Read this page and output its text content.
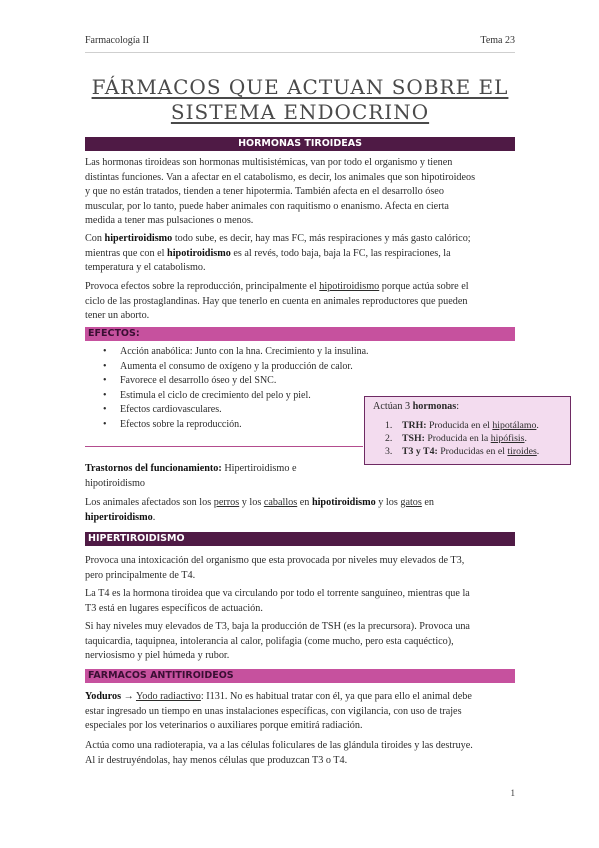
Farmacología II	Tema 23
FÁRMACOS QUE ACTUAN SOBRE EL
SISTEMA ENDOCRINO
HORMONAS TIROIDEAS
Las hormonas tiroideas son hormonas multisistémicas, van por todo el organismo y tienen
distintas funciones. Van a afectar en el catabolismo, es decir, los animales que son hipotiroideos
y que no están tratados, tienden a tener hipotermia. También afecta en el desarrollo óseo
muscular, por lo tanto, puede haber animales con raquitismo o enanismo. Afecta en cierta
medida a tener mas pulsaciones o menos.
Con hipertiroidismo todo sube, es decir, hay mas FC, más respiraciones y más gasto calórico;
mientras que con el hipotiroidismo es al revés, todo baja, baja la FC, las respiraciones, la
temperatura y el catabolismo.
Provoca efectos sobre la reproducción, principalmente el hipotiroidismo porque actúa sobre el
ciclo de las prostaglandinas. Hay que tenerlo en cuenta en animales reproductores que pueden
tener un aborto.
EFECTOS:
• Acción anabólica: Junto con la hna. Crecimiento y la insulina.
• Aumenta el consumo de oxígeno y la producción de calor.
• Favorece el desarrollo óseo y del SNC.
• Estimula el ciclo de crecimiento del pelo y piel.
• Efectos cardiovasculares.
• Efectos sobre la reproducción.
Actúan 3 hormonas:
1. TRH: Producida en el hipotálamo.
2. TSH: Producida en la hipófisis.
3. T3 y T4: Producidas en el tiroides.
Trastornos del funcionamiento: Hipertiroidismo e
hipotiroidismo
Los animales afectados son los perros y los caballos en hipotiroidismo y los gatos en
hipertiroidismo.
HIPERTIROIDISMO
Provoca una intoxicación del organismo que esta provocada por niveles muy elevados de T3,
pero principalmente de T4.
La T4 es la hormona tiroidea que va circulando por todo el torrente sanguíneo, mientras que la
T3 está en lugares específicos de actuación.
Si hay niveles muy elevados de T3, baja la producción de TSH (es la precursora). Provoca una
taquicardia, taquipnea, intolerancia al calor, polifagia (come mucho, pero esta caquéctico),
nerviosismo y piel húmeda y rubor.
FARMACOS ANTITIROIDEOS
Yoduros → Yodo radiactivo: I131. No es habitual tratar con él, ya que para ello el animal debe
estar ingresado un tiempo en unas instalaciones específicas, con vigilancia, con uso de trajes
especiales por los veterinarios o auxiliares porque emitirá radiación.
Actúa como una radioterapia, va a las células foliculares de las glándula tiroides y las destruye.
Al ir destruyéndolas, hay menos células que produzcan T3 o T4.
1
